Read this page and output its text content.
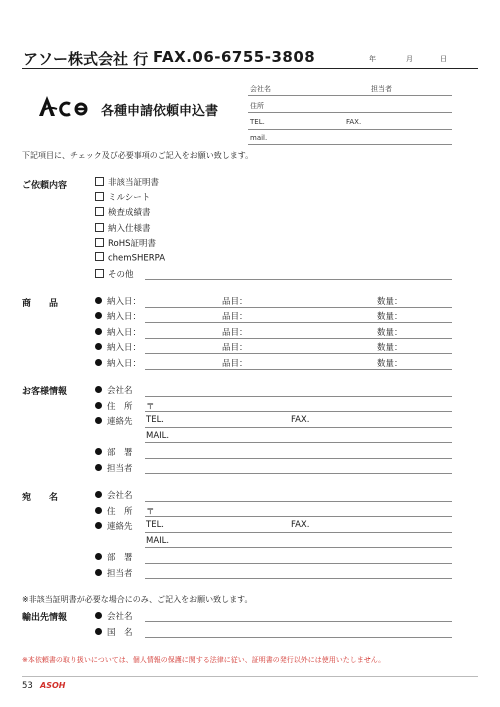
アソー株式会社 行 FAX.06-6755-3808	年	月	日
各種申請依頼申込書
会社名	担当者
住所
TEL.	FAX.
mail.
下記項目に、チェック及び必要事項のご記入をお願い致します。
ご依頼内容	非該当証明書
ミルシート
検査成績書
納入仕様書
RoHS証明書
chemSHERPA
その他
商　　品	納入日：	品目：	数量：
納入日：	品目：	数量：
納入日：	品目：	数量：
納入日：	品目：	数量：
納入日：	品目：	数量：
お客様情報	会社名
住　所 〒
連絡先 TEL.	FAX.
MAIL.
部　署
担当者
宛　　名	会社名
住　所 〒
連絡先 TEL.	FAX.
MAIL.
部　署
担当者
※非該当証明書が必要な場合にのみ、ご記入をお願い致します。
輸出先情報	会社名
国　名
※本依頼書の取り扱いについては、個人情報の保護に関する法律に従い、証明書の発行以外には使用いたしません。
53 ASOH
